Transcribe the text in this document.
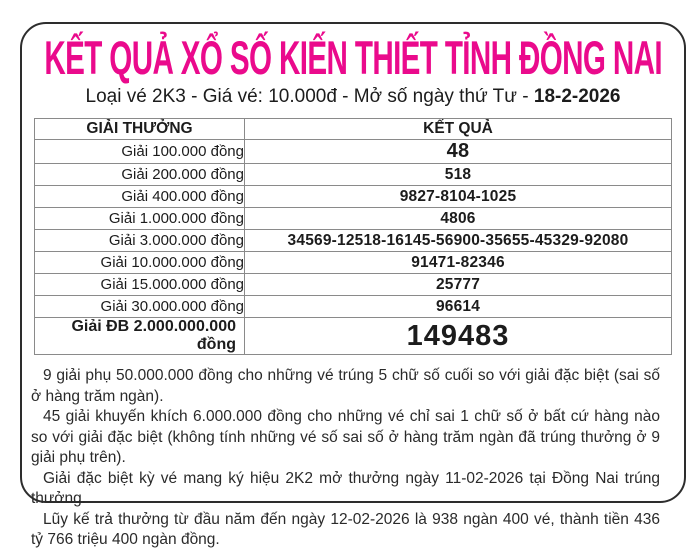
KẾT QUẢ XỔ SỐ KIẾN THIẾT TỈNH ĐỒNG NAI
Loại vé 2K3 - Giá vé: 10.000đ - Mở số ngày thứ Tư - 18-2-2026
GIẢI THƯỞNG	KẾT QUẢ
Giải 100.000 đồng	48
Giải 200.000 đồng	518
Giải 400.000 đồng	9827-8104-1025
Giải 1.000.000 đồng	4806
Giải 3.000.000 đồng	34569-12518-16145-56900-35655-45329-92080
Giải 10.000.000 đồng	91471-82346
Giải 15.000.000 đồng	25777
Giải 30.000.000 đồng	96614
Giải ĐB 2.000.000.000 đồng	149483

9 giải phụ 50.000.000 đồng cho những vé trúng 5 chữ số cuối so với giải đặc biệt (sai số ở hàng trăm ngàn).

45 giải khuyến khích 6.000.000 đồng cho những vé chỉ sai 1 chữ số ở bất cứ hàng nào so với giải đặc biệt (không tính những vé số sai số ở hàng trăm ngàn đã trúng thưởng ở 9 giải phụ trên).

Giải đặc biệt kỳ vé mang ký hiệu 2K2 mở thưởng ngày 11-02-2026 tại Đồng Nai trúng thưởng.

Lũy kế trả thưởng từ đầu năm đến ngày 12-02-2026 là 938 ngàn 400 vé, thành tiền 436 tỷ 766 triệu 400 ngàn đồng.
